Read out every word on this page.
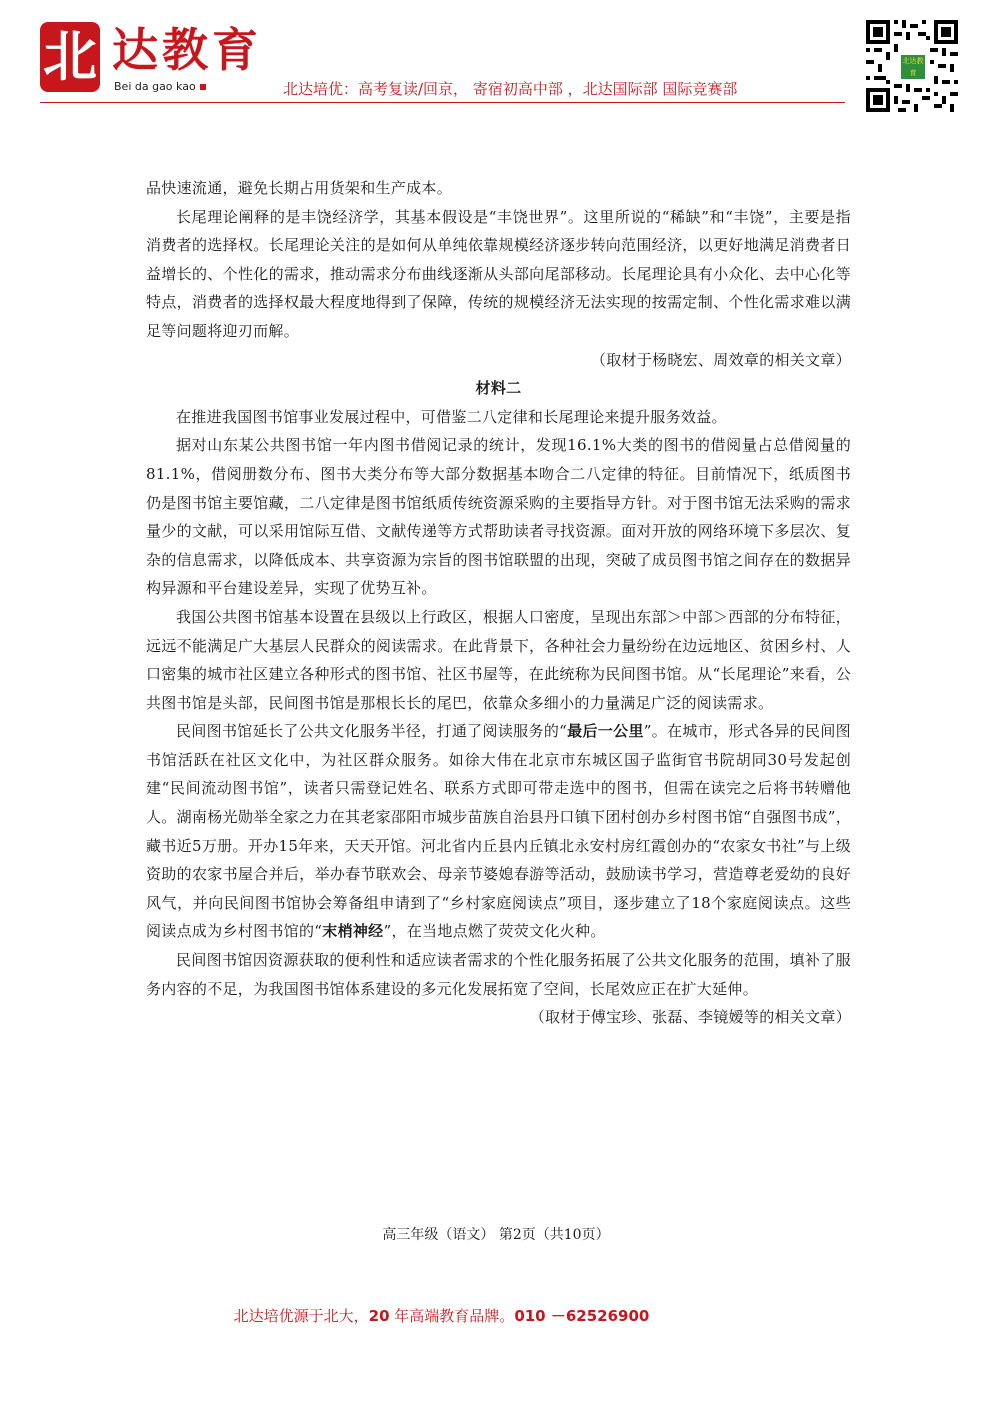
北 达教育
Bei da gao kao	北达培优：高考复读/回京， 寄宿初高中部 ，北达国际部 国际竞赛部
北达教育

品快速流通，避免长期占用货架和生产成本。

长尾理论阐释的是丰饶经济学，其基本假设是“丰饶世界”。这里所说的“稀缺”和“丰饶”，主要是指消费者的选择权。长尾理论关注的是如何从单纯依靠规模经济逐步转向范围经济，以更好地满足消费者日益增长的、个性化的需求，推动需求分布曲线逐渐从头部向尾部移动。长尾理论具有小众化、去中心化等特点，消费者的选择权最大程度地得到了保障，传统的规模经济无法实现的按需定制、个性化需求难以满足等问题将迎刃而解。

（取材于杨晓宏、周效章的相关文章）

材料二

在推进我国图书馆事业发展过程中，可借鉴二八定律和长尾理论来提升服务效益。

据对山东某公共图书馆一年内图书借阅记录的统计，发现16.1%大类的图书的借阅量占总借阅量的81.1%，借阅册数分布、图书大类分布等大部分数据基本吻合二八定律的特征。目前情况下，纸质图书仍是图书馆主要馆藏，二八定律是图书馆纸质传统资源采购的主要指导方针。对于图书馆无法采购的需求量少的文献，可以采用馆际互借、文献传递等方式帮助读者寻找资源。面对开放的网络环境下多层次、复杂的信息需求，以降低成本、共享资源为宗旨的图书馆联盟的出现，突破了成员图书馆之间存在的数据异构异源和平台建设差异，实现了优势互补。

我国公共图书馆基本设置在县级以上行政区，根据人口密度，呈现出东部＞中部＞西部的分布特征，远远不能满足广大基层人民群众的阅读需求。在此背景下，各种社会力量纷纷在边远地区、贫困乡村、人口密集的城市社区建立各种形式的图书馆、社区书屋等，在此统称为民间图书馆。从“长尾理论”来看，公共图书馆是头部，民间图书馆是那根长长的尾巴，依靠众多细小的力量满足广泛的阅读需求。

民间图书馆延长了公共文化服务半径，打通了阅读服务的“最后一公里”。在城市，形式各异的民间图书馆活跃在社区文化中，为社区群众服务。如徐大伟在北京市东城区国子监街官书院胡同30号发起创建“民间流动图书馆”，读者只需登记姓名、联系方式即可带走选中的图书，但需在读完之后将书转赠他人。湖南杨光勋举全家之力在其老家邵阳市城步苗族自治县丹口镇下团村创办乡村图书馆“自强图书成”，藏书近5万册。开办15年来，天天开馆。河北省内丘县内丘镇北永安村房红霞创办的“农家女书社”与上级资助的农家书屋合并后，举办春节联欢会、母亲节婆媳春游等活动，鼓励读书学习，营造尊老爱幼的良好风气，并向民间图书馆协会筹备组申请到了“乡村家庭阅读点”项目，逐步建立了18个家庭阅读点。这些阅读点成为乡村图书馆的“末梢神经”，在当地点燃了荧荧文化火种。

民间图书馆因资源获取的便利性和适应读者需求的个性化服务拓展了公共文化服务的范围，填补了服务内容的不足，为我国图书馆体系建设的多元化发展拓宽了空间，长尾效应正在扩大延伸。

（取材于傅宝珍、张磊、李镜嫒等的相关文章）

高三年级（语文） 第2页（共10页）
北达培优源于北大，20 年高端教育品牌。010 －62526900
